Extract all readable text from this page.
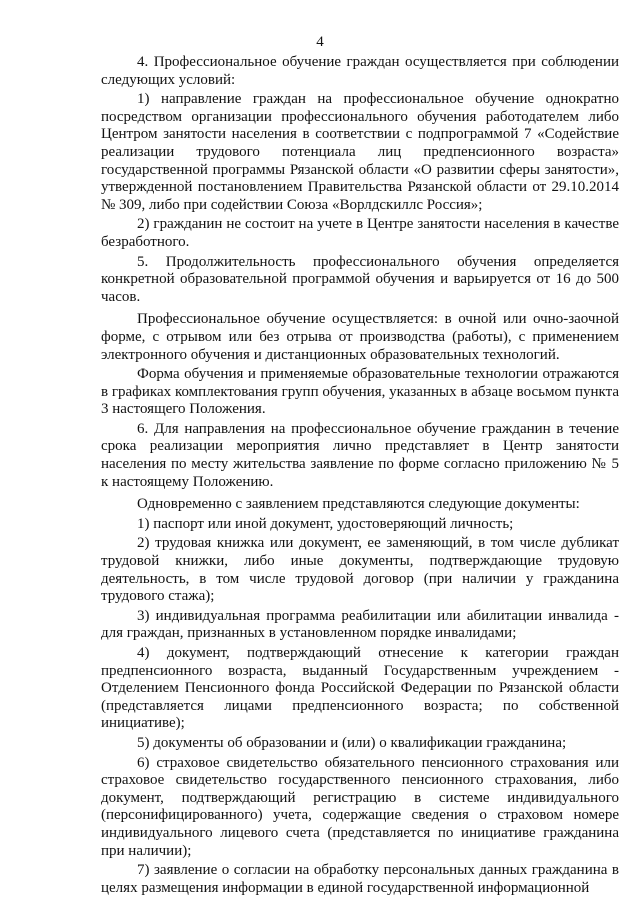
4

4. Профессиональное обучение граждан осуществляется при соблюдении следующих условий:

1) направление граждан на профессиональное обучение однократно посредством организации профессионального обучения работодателем либо Центром занятости населения в соответствии с подпрограммой 7 «Содействие реализации трудового потенциала лиц предпенсионного возраста» государственной программы Рязанской области «О развитии сферы занятости», утвержденной постановлением Правительства Рязанской области от 29.10.2014 № 309, либо при содействии Союза «Ворлдскиллс Россия»;

2) гражданин не состоит на учете в Центре занятости населения в качестве безработного.

5. Продолжительность профессионального обучения определяется конкретной образовательной программой обучения и варьируется от 16 до 500 часов.

Профессиональное обучение осуществляется: в очной или очно-заочной форме, с отрывом или без отрыва от производства (работы), с применением электронного обучения и дистанционных образовательных технологий.

Форма обучения и применяемые образовательные технологии отражаются в графиках комплектования групп обучения, указанных в абзаце восьмом пункта 3 настоящего Положения.

6. Для направления на профессиональное обучение гражданин в течение срока реализации мероприятия лично представляет в Центр занятости населения по месту жительства заявление по форме согласно приложению № 5 к настоящему Положению.

Одновременно с заявлением представляются следующие документы:

1) паспорт или иной документ, удостоверяющий личность;

2) трудовая книжка или документ, ее заменяющий, в том числе дубликат трудовой книжки, либо иные документы, подтверждающие трудовую деятельность, в том числе трудовой договор (при наличии у гражданина трудового стажа);

3) индивидуальная программа реабилитации или абилитации инвалида - для граждан, признанных в установленном порядке инвалидами;

4) документ, подтверждающий отнесение к категории граждан предпенсионного возраста, выданный Государственным учреждением - Отделением Пенсионного фонда Российской Федерации по Рязанской области (представляется лицами предпенсионного возраста; по собственной инициативе);

5) документы об образовании и (или) о квалификации гражданина;

6) страховое свидетельство обязательного пенсионного страхования или страховое свидетельство государственного пенсионного страхования, либо документ, подтверждающий регистрацию в системе индивидуального (персонифицированного) учета, содержащие сведения о страховом номере индивидуального лицевого счета (представляется по инициативе гражданина при наличии);

7) заявление о согласии на обработку персональных данных гражданина в целях размещения информации в единой государственной информационной
